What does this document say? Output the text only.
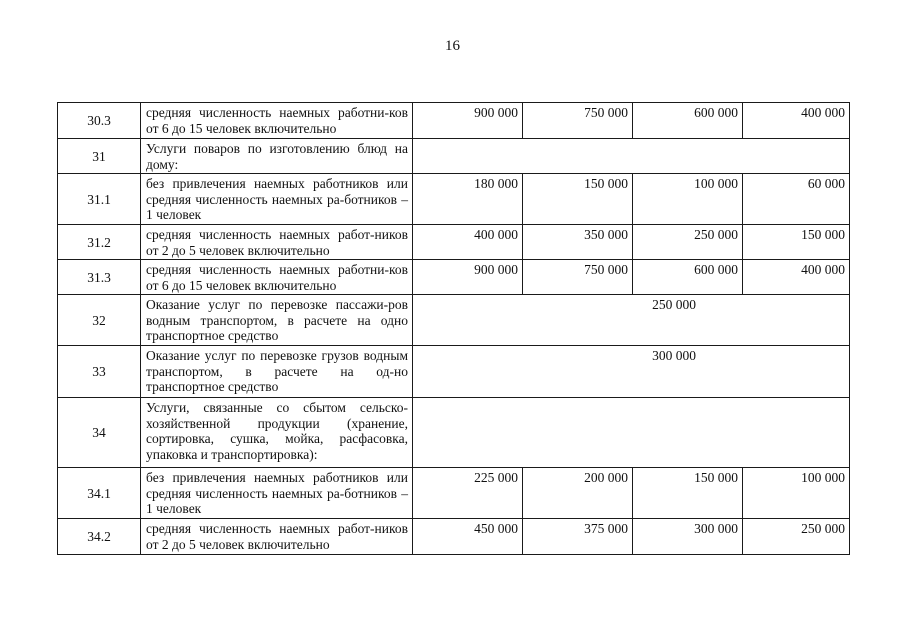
16
30.3	средняя численность наемных работни-ков от 6 до 15 человек включительно	900 000	750 000	600 000	400 000
31	Услуги поваров по изготовлению блюд на дому:				
31.1	без привлечения наемных работников или средняя численность наемных ра-ботников – 1 человек	180 000	150 000	100 000	60 000
31.2	средняя численность наемных работ-ников от 2 до 5 человек включительно	400 000	350 000	250 000	150 000
31.3	средняя численность наемных работни-ков от 6 до 15 человек включительно	900 000	750 000	600 000	400 000
32	Оказание услуг по перевозке пассажи-ров водным транспортом, в расчете на одно транспортное средство	250 000			
33	Оказание услуг по перевозке грузов водным транспортом, в расчете на од-но транспортное средство	300 000			
34	Услуги, связанные со сбытом сельско-хозяйственной продукции (хранение, сортировка, сушка, мойка, расфасовка, упаковка и транспортировка):				
34.1	без привлечения наемных работников или средняя численность наемных ра-ботников – 1 человек	225 000	200 000	150 000	100 000
34.2	средняя численность наемных работ-ников от 2 до 5 человек включительно	450 000	375 000	300 000	250 000
